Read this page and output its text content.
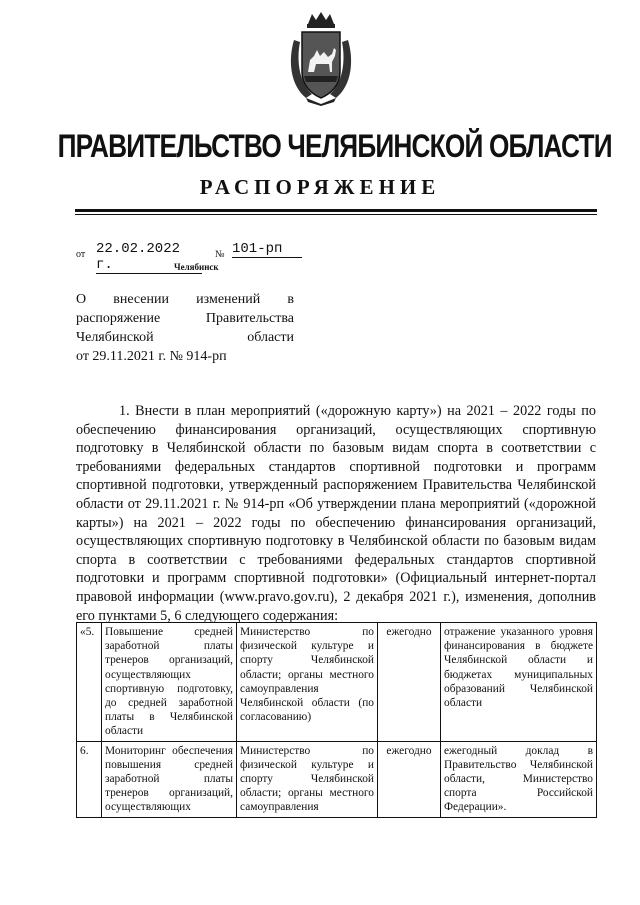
ПРАВИТЕЛЬСТВО ЧЕЛЯБИНСКОЙ ОБЛАСТИ
РАСПОРЯЖЕНИЕ
от 22.02.2022 г.
№ 101-рп
Челябинск
О внесении изменений в
распоряжение Правительства
Челябинской области
от 29.11.2021 г. № 914-рп

1. Внести в план мероприятий («дорожную карту») на 2021 – 2022 годы по обеспечению финансирования организаций, осуществляющих спортивную подготовку в Челябинской области по базовым видам спорта в соответствии с требованиями федеральных стандартов спортивной подготовки и программ спортивной подготовки, утвержденный распоряжением Правительства Челябинской области от 29.11.2021 г. № 914-рп «Об утверждении плана мероприятий («дорожной карты») на 2021 – 2022 годы по обеспечению финансирования организаций, осуществляющих спортивную подготовку в Челябинской области по базовым видам спорта в соответствии с требованиями федеральных стандартов спортивной подготовки и программ спортивной подготовки» (Официальный интернет-портал правовой информации (www.pravo.gov.ru), 2 декабря 2021 г.), изменения, дополнив его пунктами 5, 6 следующего содержания:

«5.	Повышение средней заработной платы тренеров организаций, осуществляющих спортивную подготовку, до средней заработной платы в Челябинской области	Министерство по физической культуре и спорту Челябинской области; органы местного самоуправления Челябинской области (по согласованию)	ежегодно	отражение указанного уровня финансирования в бюджете Челябинской области и бюджетах муниципальных образований Челябинской области
6.	Мониторинг обеспечения повышения средней заработной платы тренеров организаций, осуществляющих	Министерство по физической культуре и спорту Челябинской области; органы местного самоуправления	ежегодно	ежегодный доклад в Правительство Челябинской области, Министерство спорта Российской Федерации».
